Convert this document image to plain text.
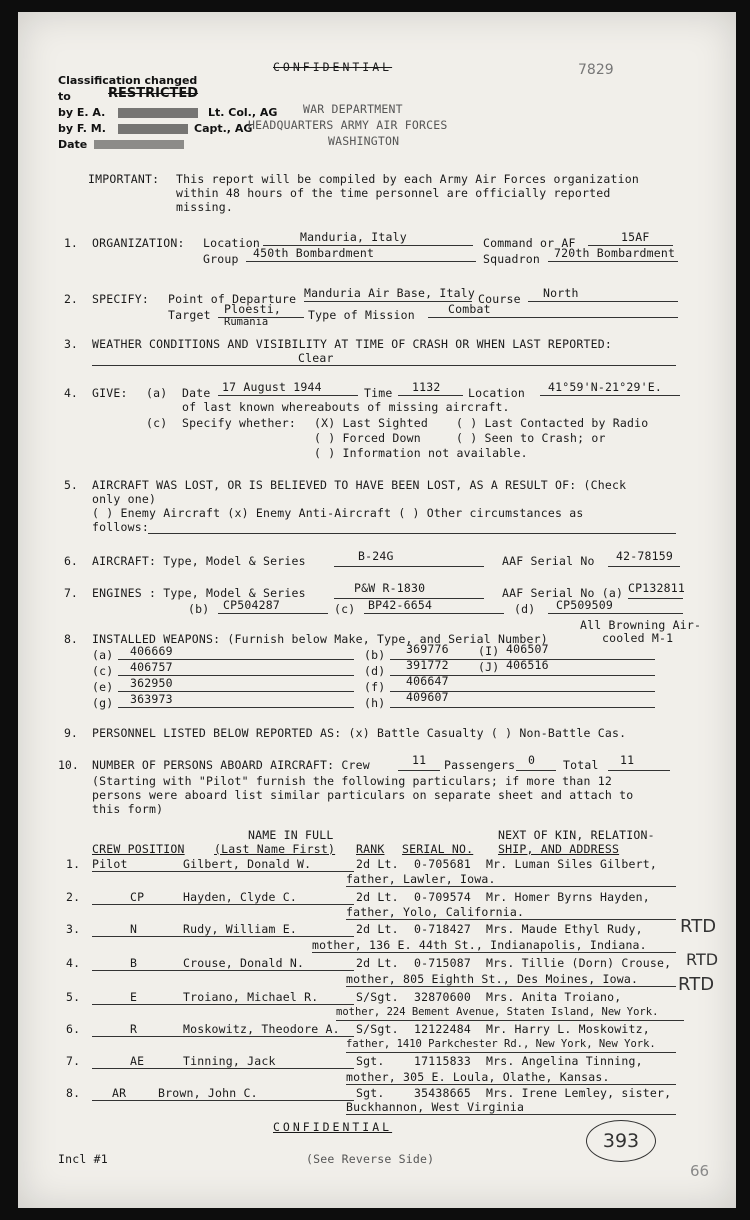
CONFIDENTIAL	7829
Classification changed
to	RESTRICTED
by E. A.	Lt. Col., AG
by F. M.	Capt., AG
Date
WAR DEPARTMENT
HEADQUARTERS ARMY AIR FORCES
WASHINGTON
IMPORTANT: This report will be compiled by each Army Air Forces organization
within 48 hours of the time personnel are officially reported
missing.
1. ORGANIZATION: Location	Manduria, Italy	Command or AF	15AF
Group 450th Bombardment	Squadron 720th Bombardment
2. SPECIFY: Point of Departure Manduria Air Base, Italy Course North
Target Ploesti,
Rumania	Type of Mission	Combat
3. WEATHER CONDITIONS AND VISIBILITY AT TIME OF CRASH OR WHEN LAST REPORTED:
Clear
4. GIVE: (a) Date 17 August 1944	Time 1132 Location 41°59'N-21°29'E.
of last known whereabouts of missing aircraft.
(c) Specify whether: (X) Last Sighted ( ) Last Contacted by Radio
( ) Forced Down	( ) Seen to Crash; or
( ) Information not available.
5. AIRCRAFT WAS LOST, OR IS BELIEVED TO HAVE BEEN LOST, AS A RESULT OF: (Check
only one)
( ) Enemy Aircraft (x) Enemy Anti-Aircraft ( ) Other circumstances as
follows:
6. AIRCRAFT: Type, Model & Series	B-24G	AAF Serial No 42-78159
7. ENGINES : Type, Model & Series	P&W R-1830	AAF Serial No (a) CP132811
(b) CP504287	(c) BP42-6654	(d) CP509509
8. INSTALLED WEAPONS: (Furnish below Make, Type, and Serial Number)
All Browning Air-
cooled M-1
(a) 406669	(b) 369776	(I) 406507
(c) 406757	(d) 391772	(J) 406516
(e) 362950	(f) 406647
(g) 363973	(h) 409607
9. PERSONNEL LISTED BELOW REPORTED AS: (x) Battle Casualty ( ) Non-Battle Cas.
10. NUMBER OF PERSONS ABOARD AIRCRAFT: Crew	11 Passengers 0 Total 11
(Starting with "Pilot" furnish the following particulars; if more than 12
persons were aboard list similar particulars on separate sheet and attach to
this form)
NAME IN FULL	NEXT OF KIN, RELATION-
CREW POSITION	(Last Name First) RANK SERIAL NO. SHIP, AND ADDRESS
1. Pilot	Gilbert, Donald W.	2d Lt. 0-705681 Mr. Luman Siles Gilbert,
father, Lawler, Iowa.
2.	CP	Hayden, Clyde C.	2d Lt. 0-709574 Mr. Homer Byrns Hayden,
father, Yolo, California.
3.	N	Rudy, William E.	2d Lt. 0-718427 Mrs. Maude Ethyl Rudy, RTD
mother, 136 E. 44th St., Indianapolis, Indiana.
4.	B	Crouse, Donald N.	2d Lt. 0-715087 Mrs. Tillie (Dorn) Crouse, RTD
mother, 805 Eighth St., Des Moines, Iowa.
5.	E	Troiano, Michael R.	S/Sgt. 32870600 Mrs. Anita Troiano,
RTD
mother, 224 Bement Avenue, Staten Island, New York.
6.	R	Moskowitz, Theodore A. S/Sgt. 12122484 Mr. Harry L. Moskowitz,
father, 1410 Parkchester Rd., New York, New York.
7.	AE	Tinning, Jack	Sgt.	17115833 Mrs. Angelina Tinning,
mother, 305 E. Loula, Olathe, Kansas.
8.	AR	Brown, John C.	Sgt.	35438665 Mrs. Irene Lemley, sister,
Buckhannon, West Virginia
CONFIDENTIAL
Incl #1	(See Reverse Side)
393
66
